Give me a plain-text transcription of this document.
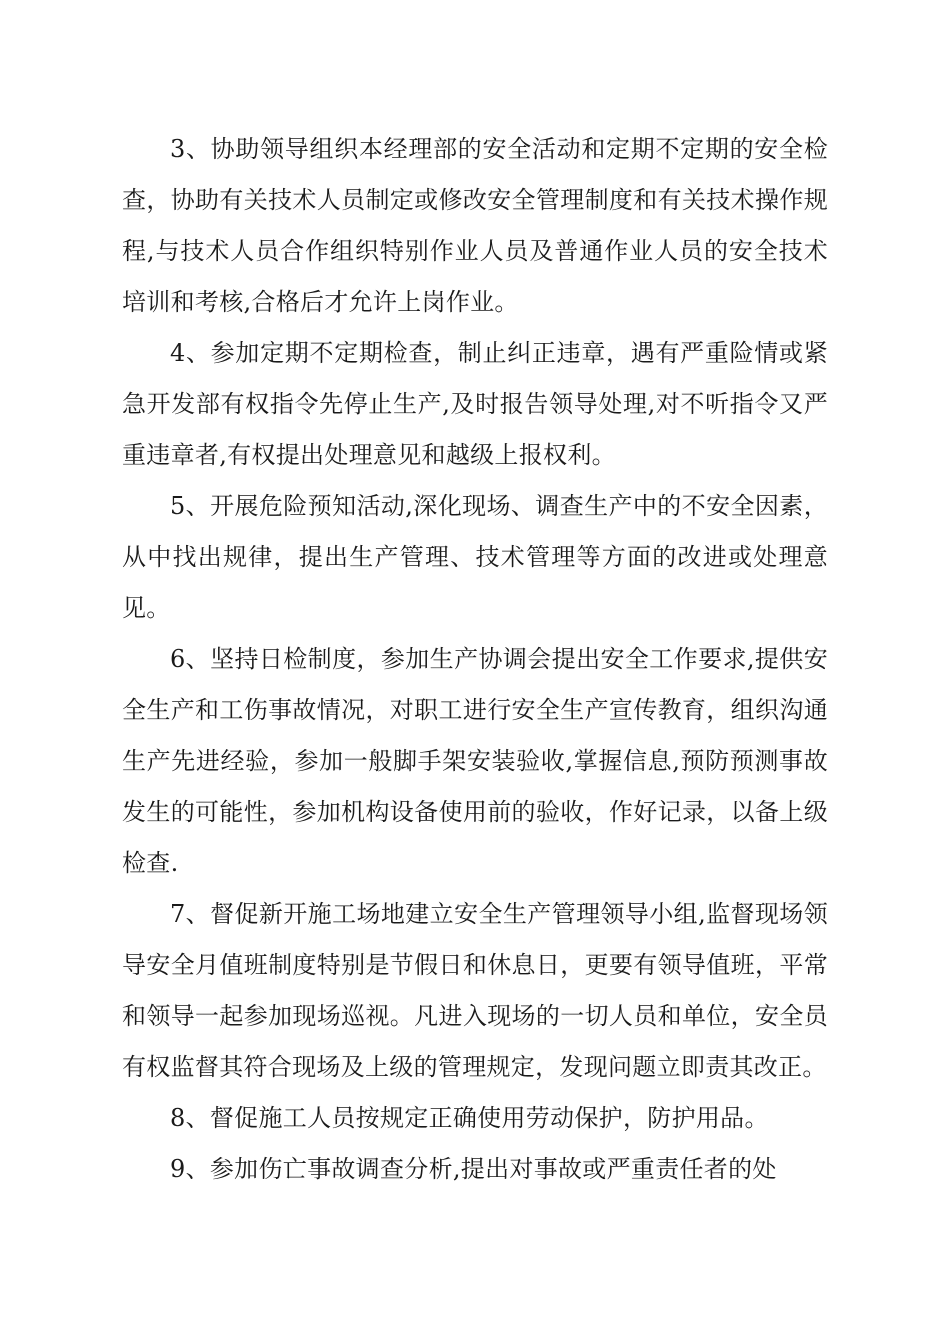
3、协助领导组织本经理部的安全活动和定期不定期的安全检查，协助有关技术人员制定或修改安全管理制度和有关技术操作规程,与技术人员合作组织特别作业人员及普通作业人员的安全技术培训和考核,合格后才允许上岗作业。

4、参加定期不定期检查，制止纠正违章，遇有严重险情或紧急开发部有权指令先停止生产,及时报告领导处理,对不听指令又严重违章者,有权提出处理意见和越级上报权利。

5、开展危险预知活动,深化现场、调查生产中的不安全因素，从中找出规律，提出生产管理、技术管理等方面的改进或处理意见。

6、坚持日检制度，参加生产协调会提出安全工作要求,提供安全生产和工伤事故情况，对职工进行安全生产宣传教育，组织沟通生产先进经验，参加一般脚手架安装验收,掌握信息,预防预测事故发生的可能性，参加机构设备使用前的验收，作好记录，以备上级检查.

7、督促新开施工场地建立安全生产管理领导小组,监督现场领导安全月值班制度特别是节假日和休息日，更要有领导值班，平常和领导一起参加现场巡视。凡进入现场的一切人员和单位，安全员有权监督其符合现场及上级的管理规定，发现问题立即责其改正。

8、督促施工人员按规定正确使用劳动保护，防护用品。

9、参加伤亡事故调查分析,提出对事故或严重责任者的处
